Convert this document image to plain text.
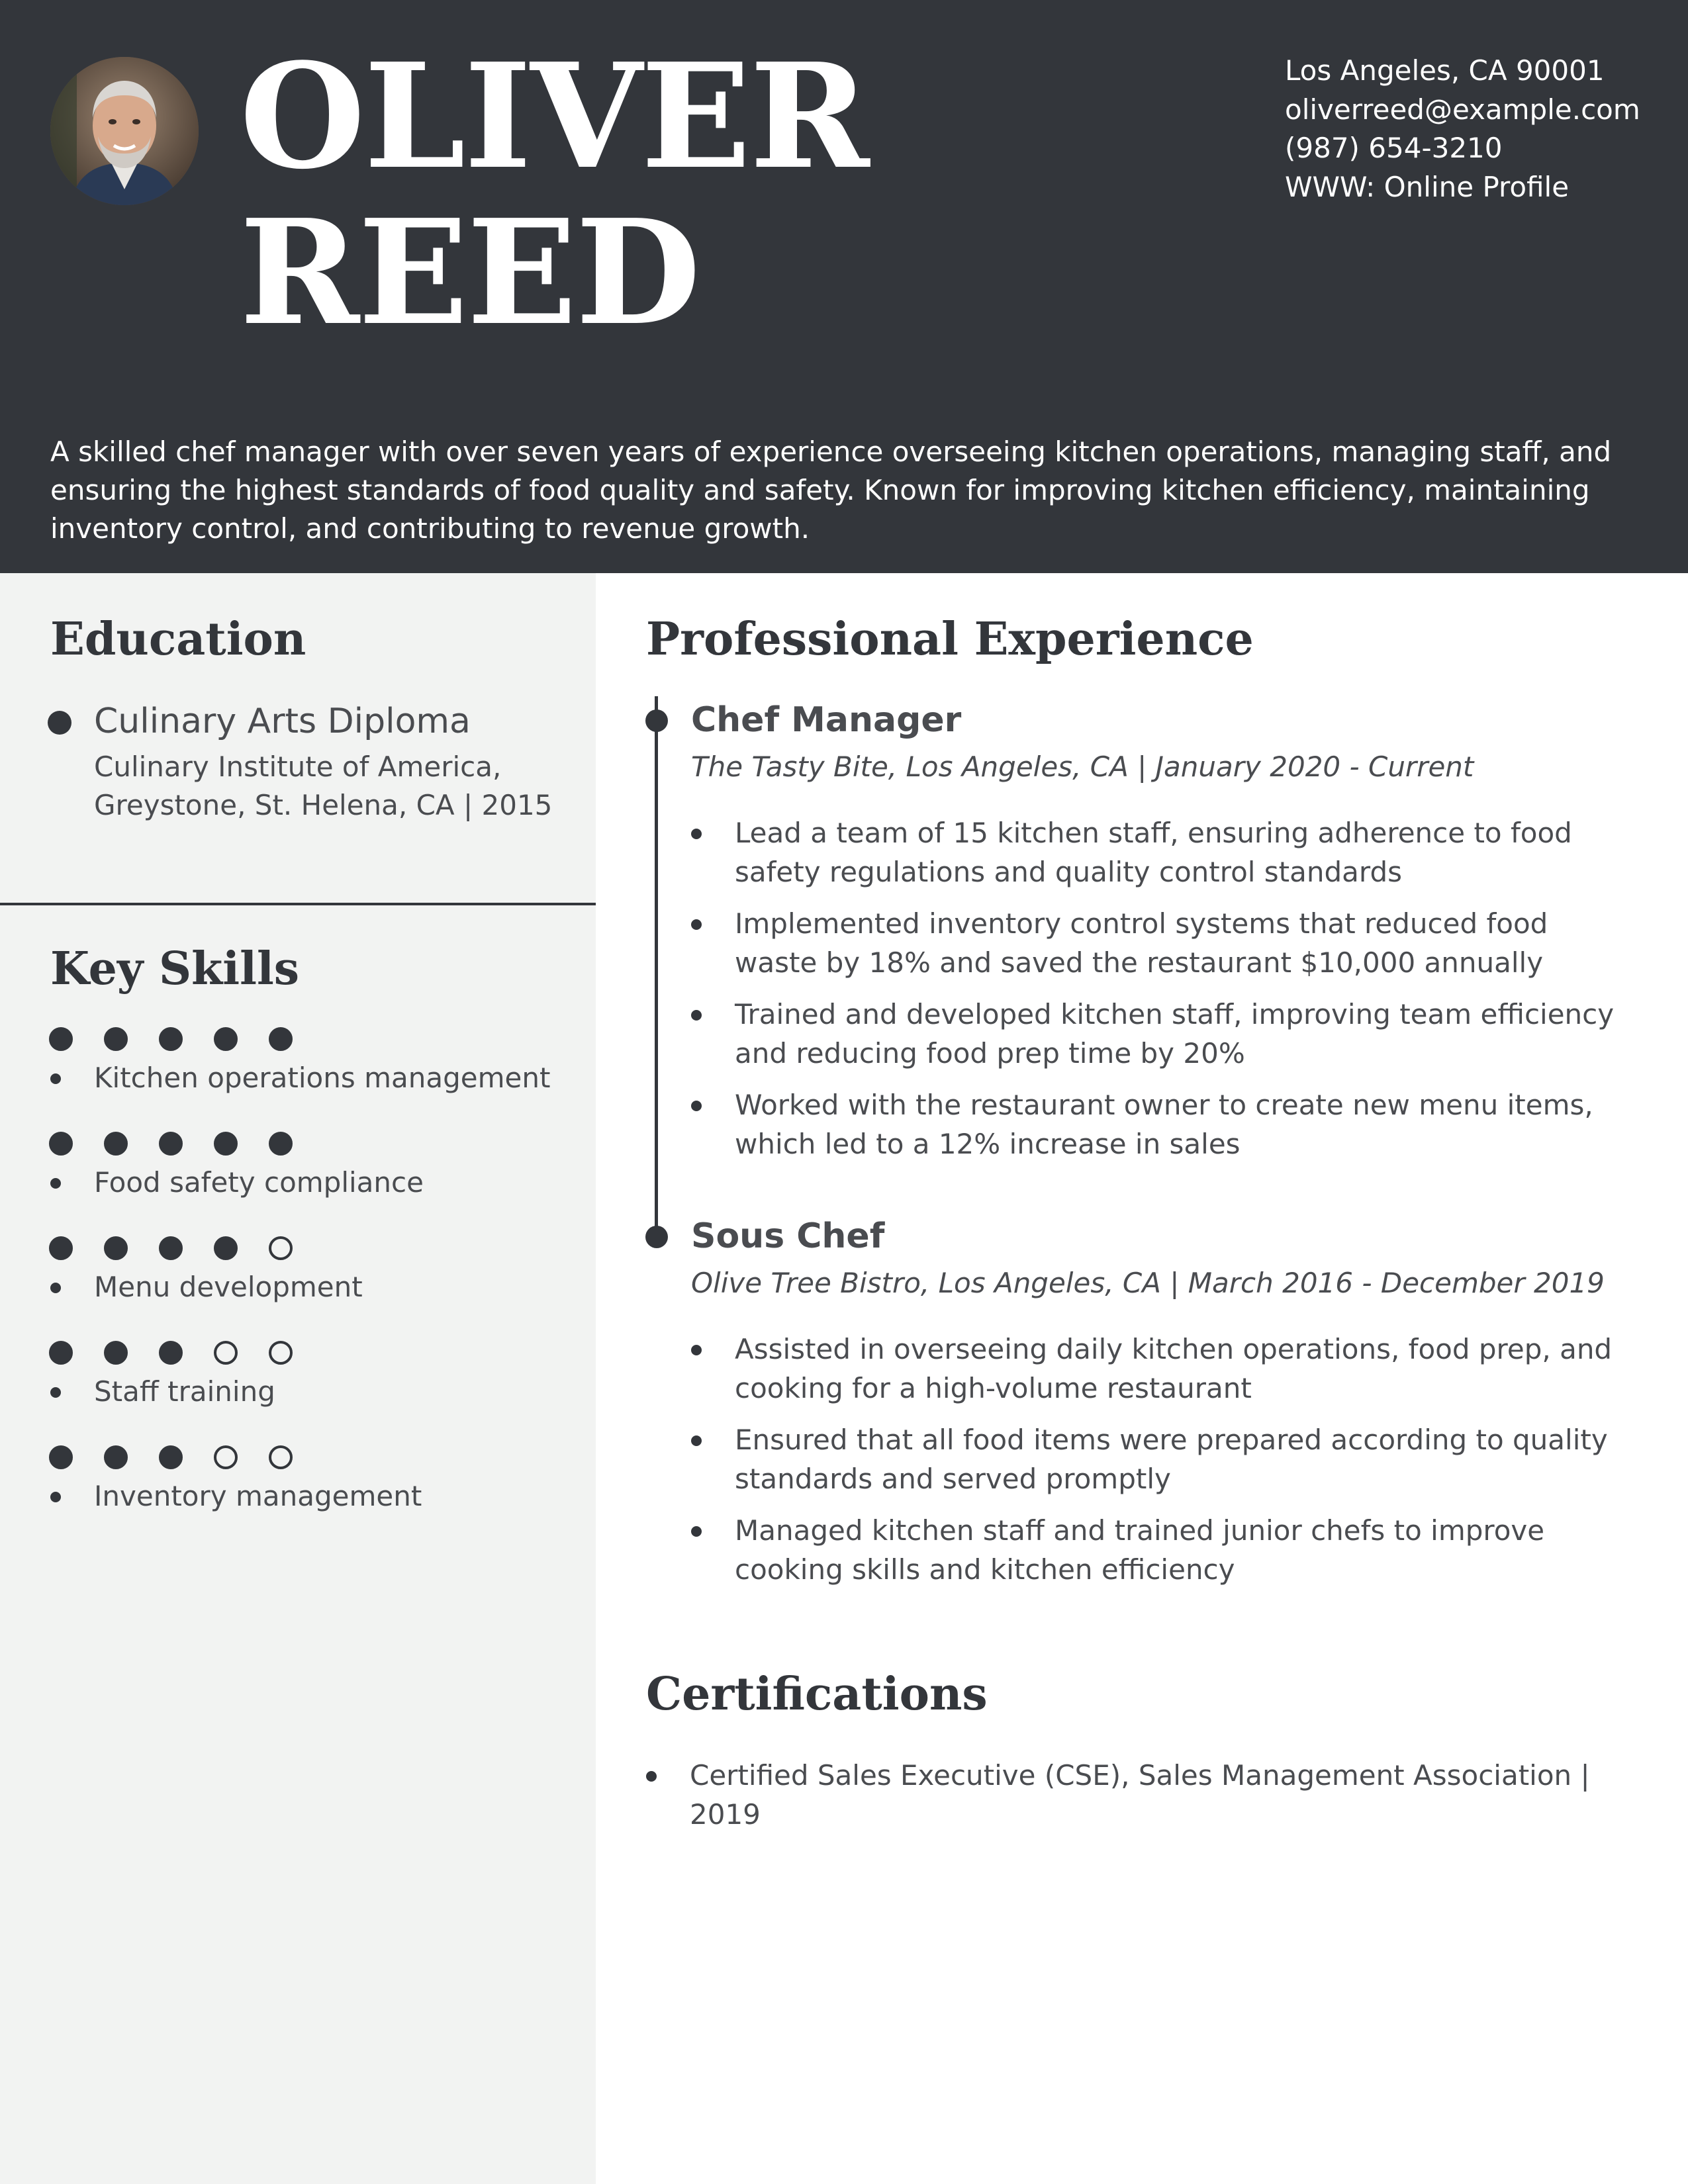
OLIVER
REED
Los Angeles, CA 90001
oliverreed@example.com
(987) 654-3210
WWW: Online Profile

A skilled chef manager with over seven years of experience overseeing kitchen operations, managing staff, and ensuring the highest standards of food quality and safety. Known for improving kitchen efficiency, maintaining inventory control, and contributing to revenue growth.

Education
Culinary Arts Diploma
Culinary Institute of America, Greystone, St. Helena, CA | 2015
Key Skills
Kitchen operations management
Food safety compliance
Menu development
Staff training
Inventory management
Professional Experience
Chef Manager
The Tasty Bite, Los Angeles, CA | January 2020 - Current
Lead a team of 15 kitchen staff, ensuring adherence to food safety regulations and quality control standards
Implemented inventory control systems that reduced food waste by 18% and saved the restaurant $10,000 annually
Trained and developed kitchen staff, improving team efficiency and reducing food prep time by 20%
Worked with the restaurant owner to create new menu items, which led to a 12% increase in sales
Sous Chef
Olive Tree Bistro, Los Angeles, CA | March 2016 - December 2019
Assisted in overseeing daily kitchen operations, food prep, and cooking for a high-volume restaurant
Ensured that all food items were prepared according to quality standards and served promptly
Managed kitchen staff and trained junior chefs to improve cooking skills and kitchen efficiency
Certifications
Certified Sales Executive (CSE), Sales Management Association | 2019
